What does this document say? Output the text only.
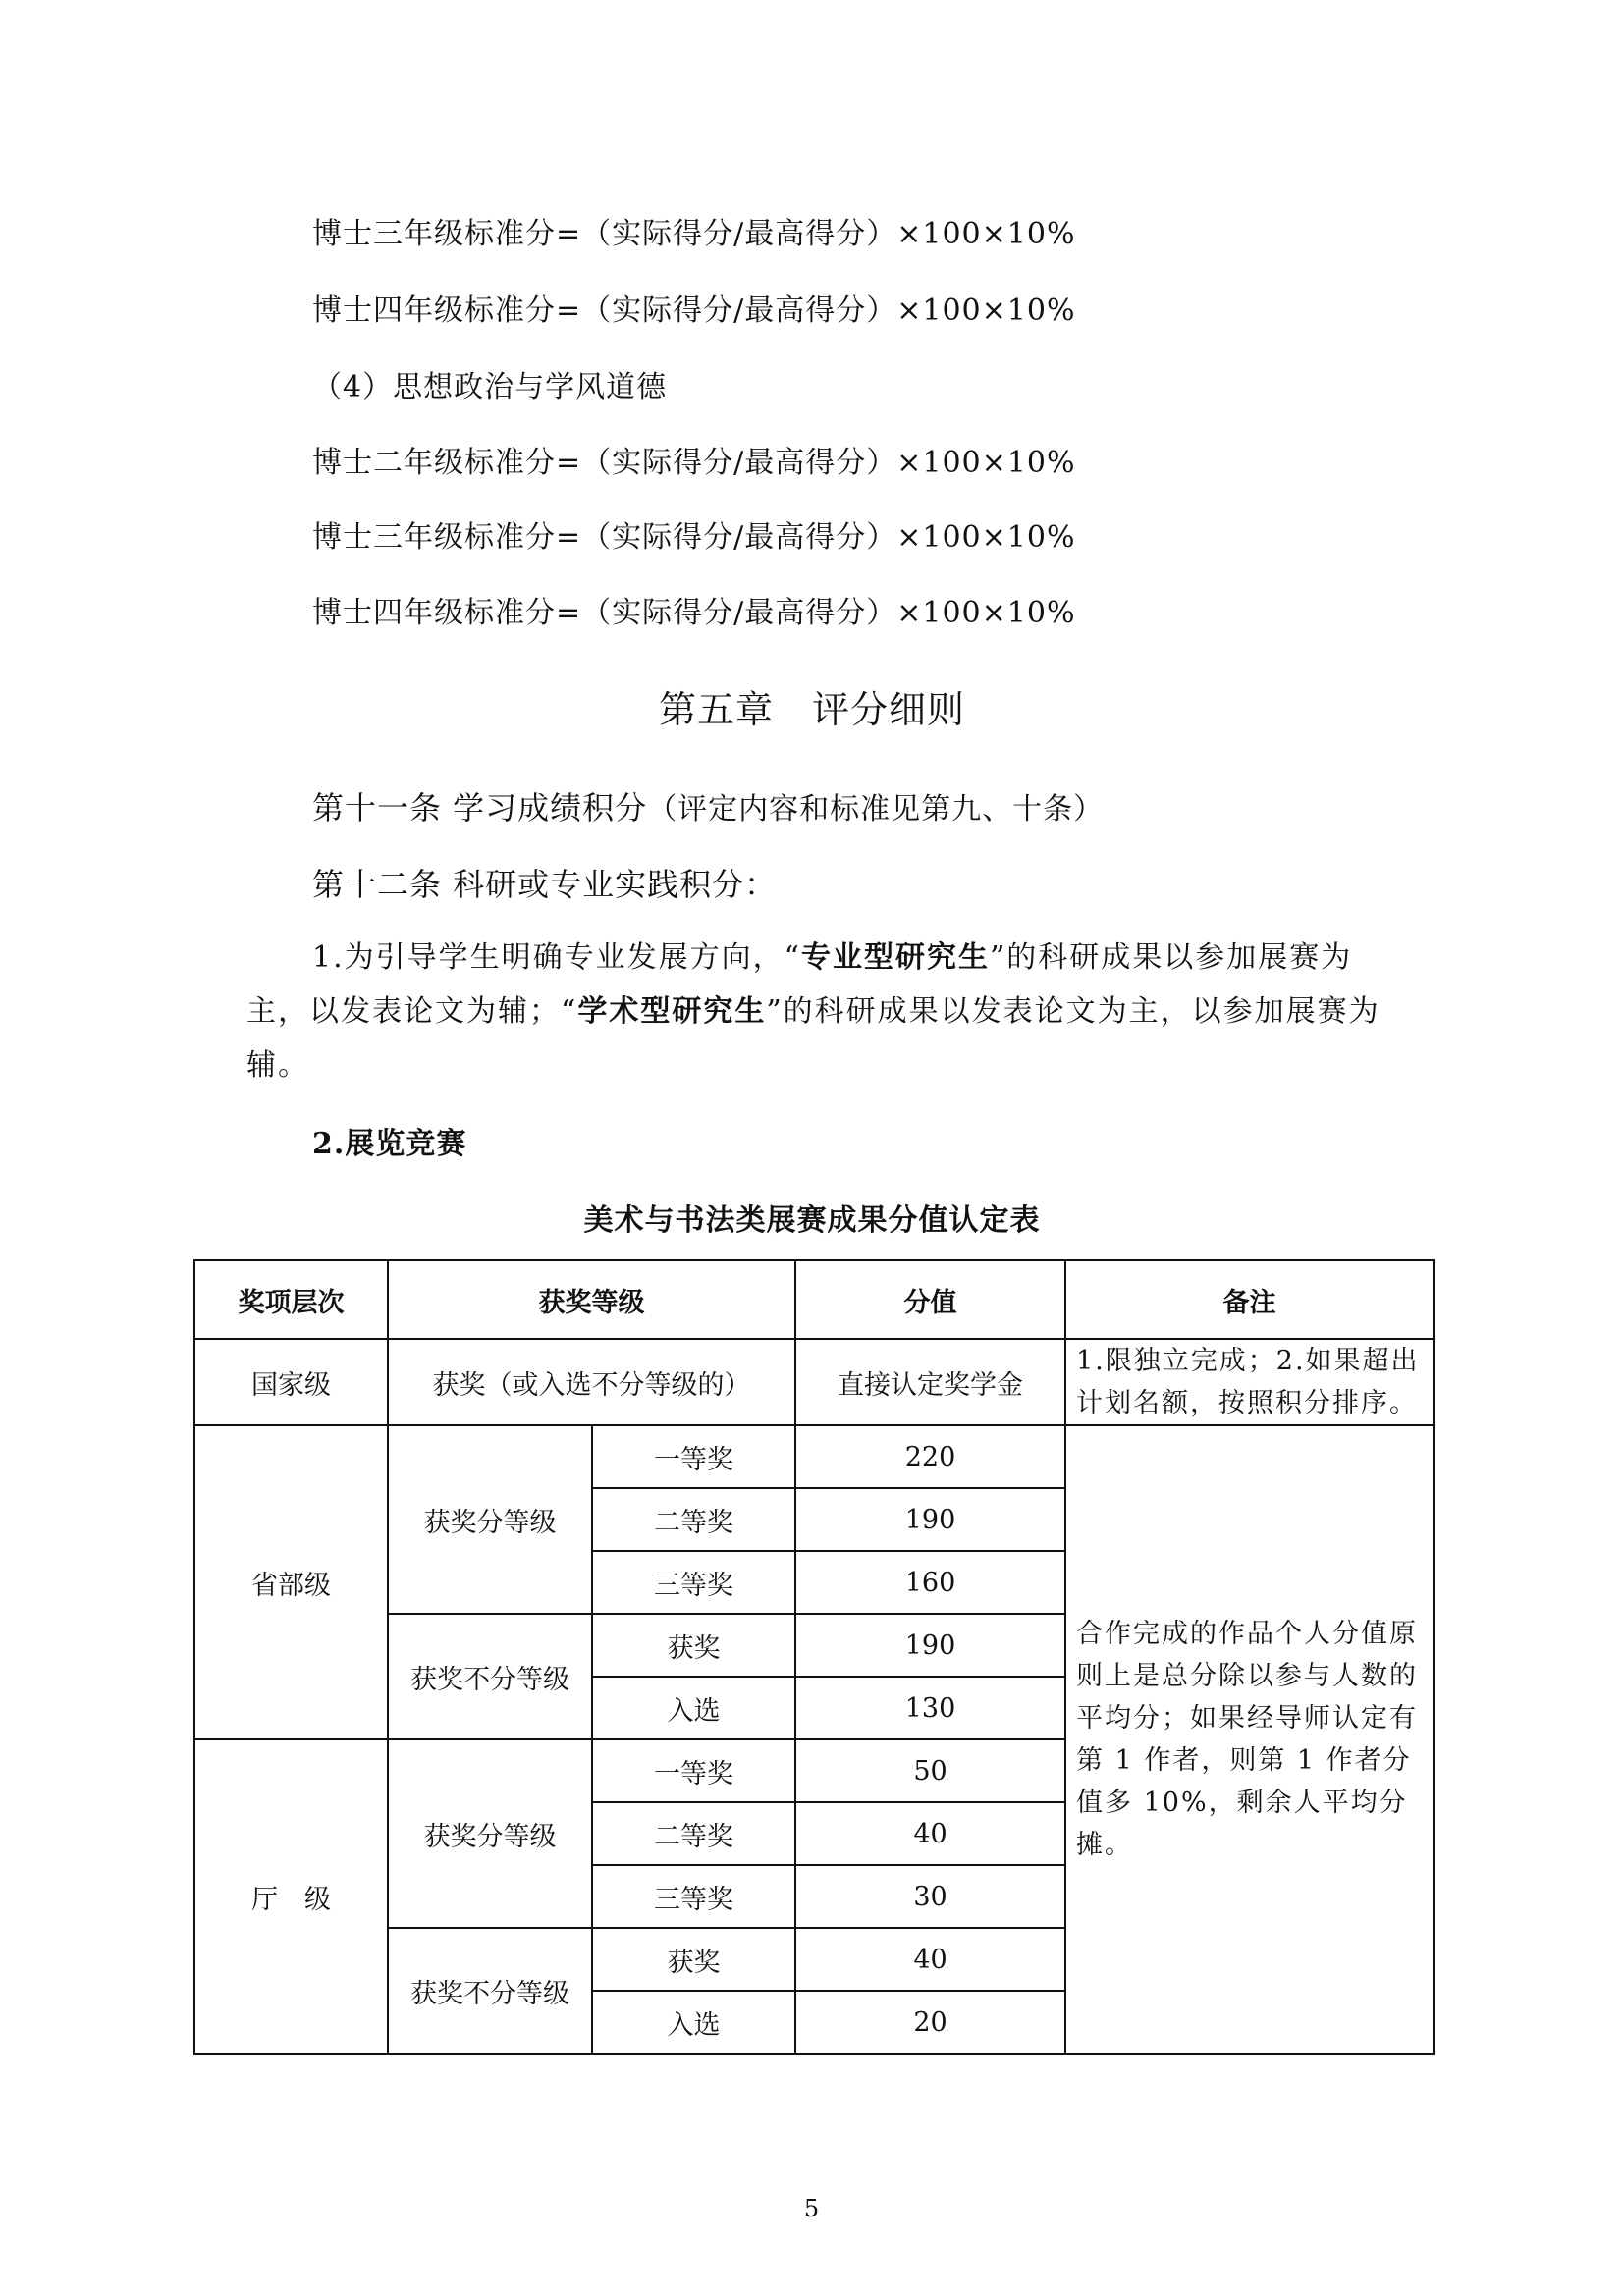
博士三年级标准分=（实际得分/最高得分）×100×10%
博士四年级标准分=（实际得分/最高得分）×100×10%
（4）思想政治与学风道德
博士二年级标准分=（实际得分/最高得分）×100×10%
博士三年级标准分=（实际得分/最高得分）×100×10%
博士四年级标准分=（实际得分/最高得分）×100×10%
第五章　评分细则
第十一条 学习成绩积分（评定内容和标准见第九、十条）
第十二条 科研或专业实践积分：
1.为引导学生明确专业发展方向，“专业型研究生”的科研成果以参加展赛为主，以发表论文为辅；“学术型研究生”的科研成果以发表论文为主，以参加展赛为辅。
2.展览竞赛
美术与书法类展赛成果分值认定表
奖项层次	获奖等级		分值	备注
国家级	获奖（或入选不分等级的）		直接认定奖学金	1.限独立完成；2.如果超出计划名额，按照积分排序。
省部级	获奖分等级	一等奖	220	合作完成的作品个人分值原则上是总分除以参与人数的平均分；如果经导师认定有第 1 作者，则第 1 作者分值多 10%，剩余人平均分摊。
		二等奖	190	
		三等奖	160	
	获奖不分等级	获奖	190	
		入选	130	
厅　级	获奖分等级	一等奖	50	
		二等奖	40	
		三等奖	30	
	获奖不分等级	获奖	40	
		入选	20	
5
